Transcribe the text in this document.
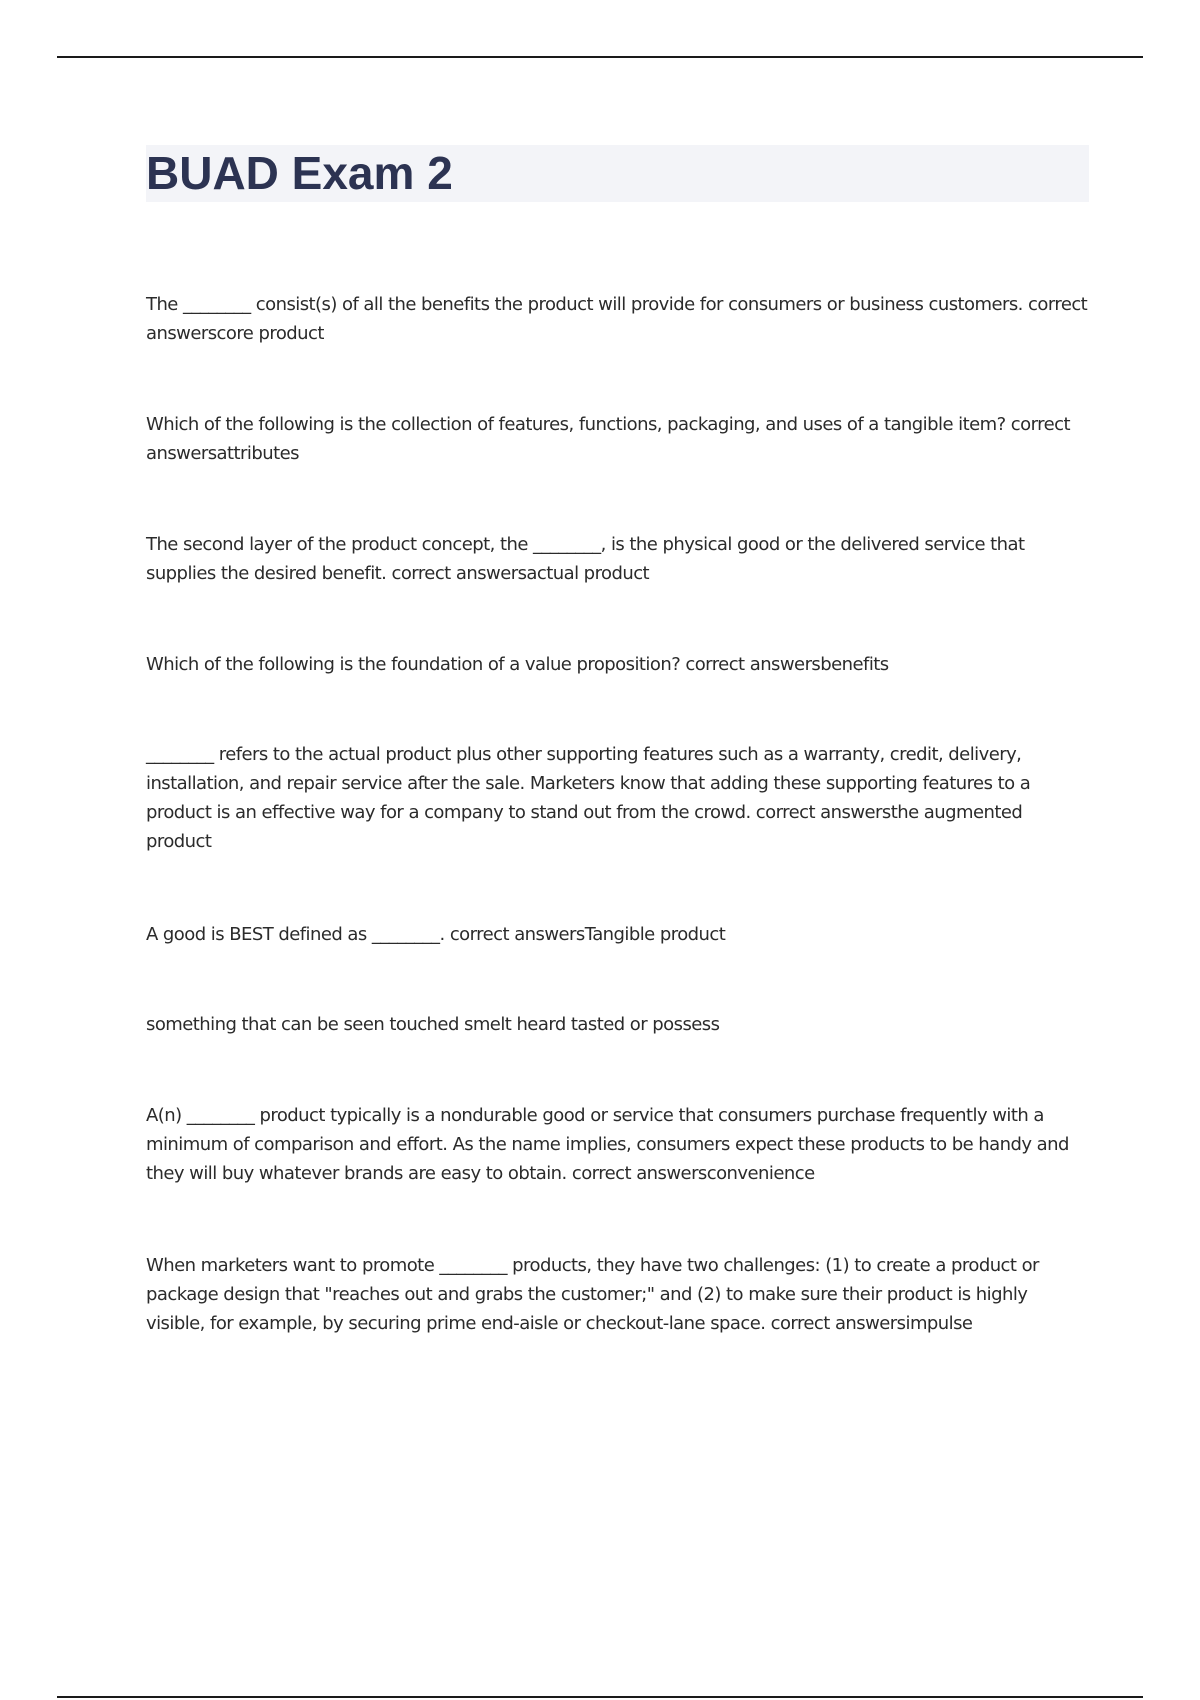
BUAD Exam 2

The ________ consist(s) of all the benefits the product will provide for consumers or business customers. correct answerscore product

Which of the following is the collection of features, functions, packaging, and uses of a tangible item? correct answersattributes

The second layer of the product concept, the ________, is the physical good or the delivered service that supplies the desired benefit. correct answersactual product

Which of the following is the foundation of a value proposition? correct answersbenefits

________ refers to the actual product plus other supporting features such as a warranty, credit, delivery, installation, and repair service after the sale. Marketers know that adding these supporting features to a product is an effective way for a company to stand out from the crowd. correct answersthe augmented product

A good is BEST defined as ________. correct answersTangible product

something that can be seen touched smelt heard tasted or possess

A(n) ________ product typically is a nondurable good or service that consumers purchase frequently with a minimum of comparison and effort. As the name implies, consumers expect these products to be handy and they will buy whatever brands are easy to obtain. correct answersconvenience

When marketers want to promote ________ products, they have two challenges: (1) to create a product or package design that "reaches out and grabs the customer;" and (2) to make sure their product is highly visible, for example, by securing prime end-aisle or checkout-lane space. correct answersimpulse
